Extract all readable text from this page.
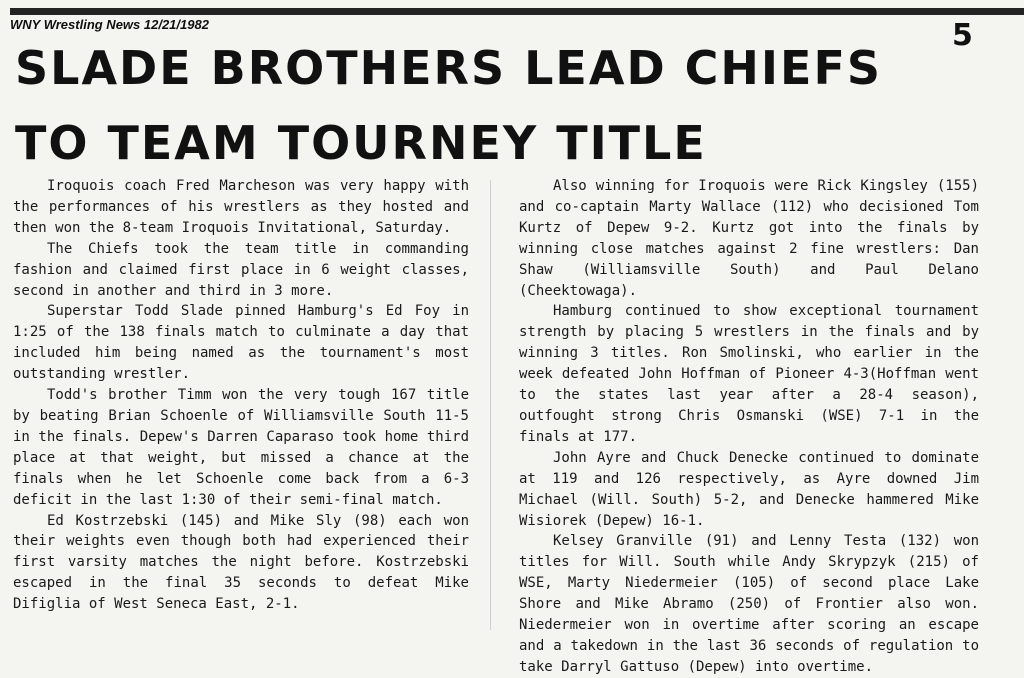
WNY Wrestling News 12/21/1982	5
SLADE BROTHERS LEAD CHIEFS
TO TEAM TOURNEY TITLE

Iroquois coach Fred Marcheson was very happy with the performances of his wrestlers as they hosted and then won the 8-team Iroquois Invitational, Saturday.

The Chiefs took the team title in commanding fashion and claimed first place in 6 weight classes, second in another and third in 3 more.

Superstar Todd Slade pinned Hamburg's Ed Foy in 1:25 of the 138 finals match to culminate a day that included him being named as the tournament's most outstanding wrestler.

Todd's brother Timm won the very tough 167 title by beating Brian Schoenle of Williamsville South 11-5 in the finals. Depew's Darren Caparaso took home third place at that weight, but missed a chance at the finals when he let Schoenle come back from a 6-3 deficit in the last 1:30 of their semi-final match.

Ed Kostrzebski (145) and Mike Sly (98) each won their weights even though both had experienced their first varsity matches the night before. Kostrzebski escaped in the final 35 seconds to defeat Mike Difiglia of West Seneca East, 2-1.

Also winning for Iroquois were Rick Kingsley (155) and co-captain Marty Wallace (112) who decisioned Tom Kurtz of Depew 9-2. Kurtz got into the finals by winning close matches against 2 fine wrestlers: Dan Shaw (Williamsville South) and Paul Delano (Cheektowaga).

Hamburg continued to show exceptional tournament strength by placing 5 wrestlers in the finals and by winning 3 titles. Ron Smolinski, who earlier in the week defeated John Hoffman of Pioneer 4-3(Hoffman went to the states last year after a 28-4 season), outfought strong Chris Osmanski (WSE) 7-1 in the finals at 177.

John Ayre and Chuck Denecke continued to dominate at 119 and 126 respectively, as Ayre downed Jim Michael (Will. South) 5-2, and Denecke hammered Mike Wisiorek (Depew) 16-1.

Kelsey Granville (91) and Lenny Testa (132) won titles for Will. South while Andy Skrypzyk (215) of WSE, Marty Niedermeier (105) of second place Lake Shore and Mike Abramo (250) of Frontier also won. Niedermeier won in overtime after scoring an escape and a takedown in the last 36 seconds of regulation to take Darryl Gattuso (Depew) into overtime.
